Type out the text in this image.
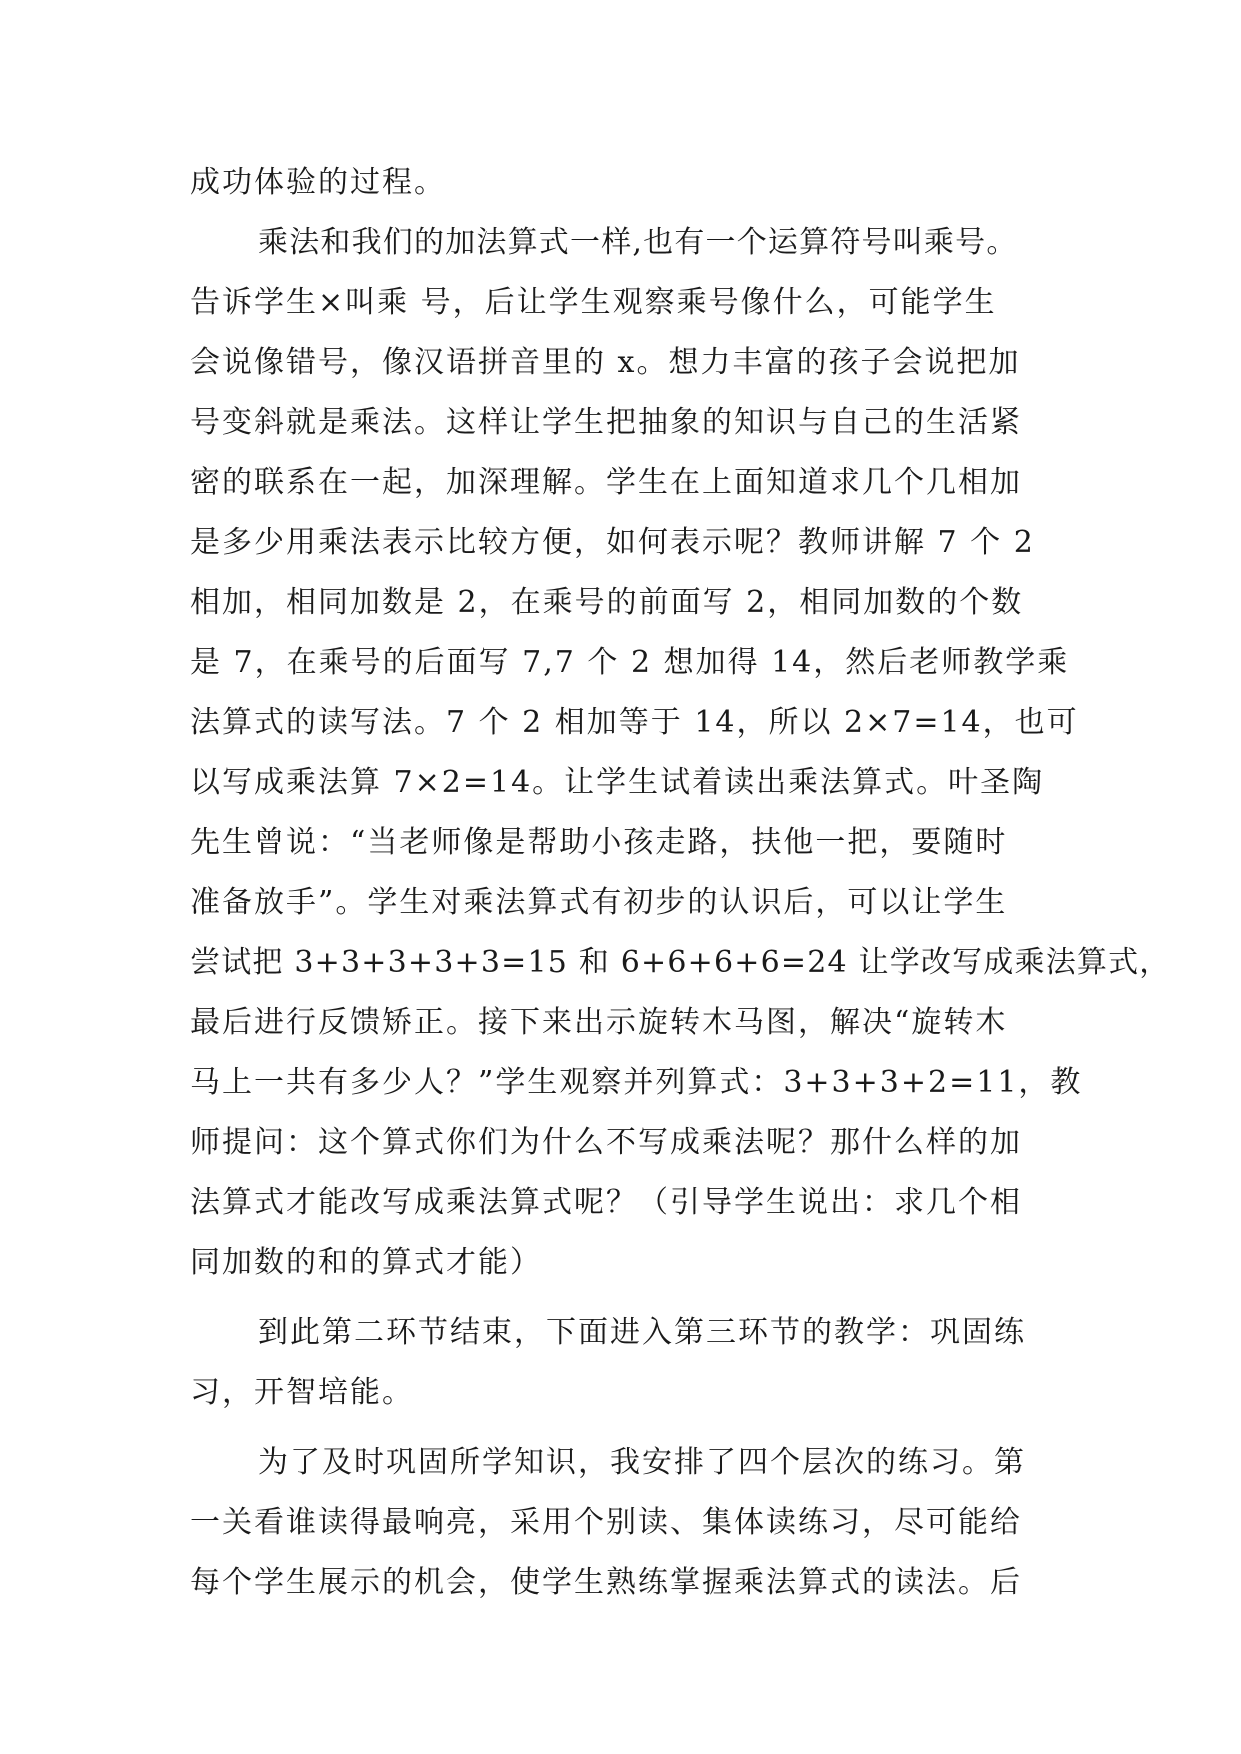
成功体验的过程。
乘法和我们的加法算式一样,也有一个运算符号叫乘号。
告诉学生×叫乘 号，后让学生观察乘号像什么，可能学生
会说像错号，像汉语拼音里的 x。想力丰富的孩子会说把加
号变斜就是乘法。这样让学生把抽象的知识与自己的生活紧
密的联系在一起，加深理解。学生在上面知道求几个几相加
是多少用乘法表示比较方便，如何表示呢？教师讲解 7 个 2
相加，相同加数是 2，在乘号的前面写 2，相同加数的个数
是 7，在乘号的后面写 7,7 个 2 想加得 14，然后老师教学乘
法算式的读写法。7 个 2 相加等于 14，所以 2×7=14，也可
以写成乘法算 7×2=14。让学生试着读出乘法算式。叶圣陶
先生曾说：“当老师像是帮助小孩走路，扶他一把，要随时
准备放手”。学生对乘法算式有初步的认识后，可以让学生
尝试把 3+3+3+3+3=15 和 6+6+6+6=24 让学改写成乘法算式，
最后进行反馈矫正。接下来出示旋转木马图，解决“旋转木
马上一共有多少人？”学生观察并列算式：3+3+3+2=11，教
师提问：这个算式你们为什么不写成乘法呢？那什么样的加
法算式才能改写成乘法算式呢？（引导学生说出：求几个相
同加数的和的算式才能）
到此第二环节结束，下面进入第三环节的教学：巩固练
习，开智培能。
为了及时巩固所学知识，我安排了四个层次的练习。第
一关看谁读得最响亮，采用个别读、集体读练习，尽可能给
每个学生展示的机会，使学生熟练掌握乘法算式的读法。后
